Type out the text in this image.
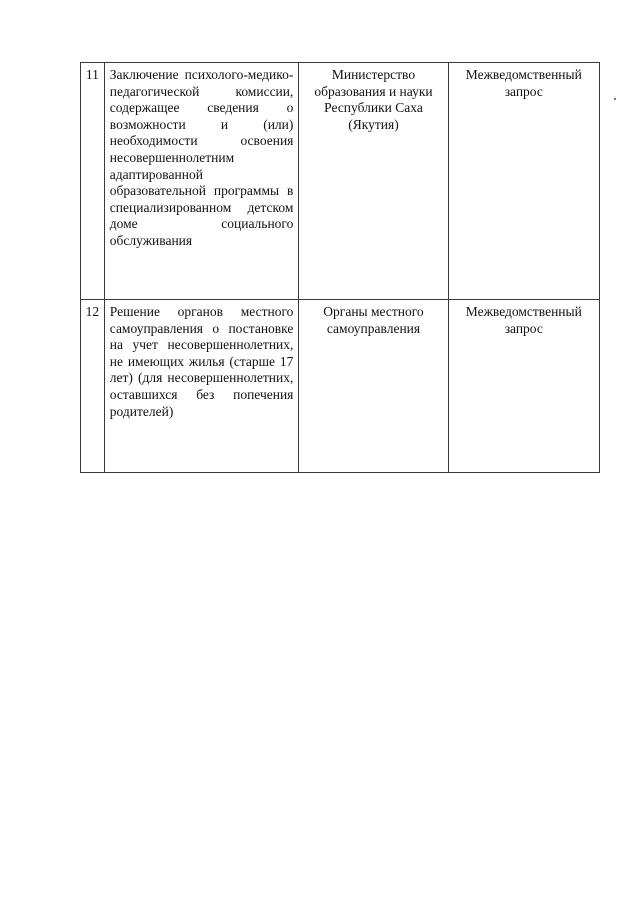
11	Заключение психолого-медико-педагогической комиссии, содержащее сведения о возможности и (или) необходимости освоения несовершеннолетним адаптированной образовательной программы в специализированном детском доме социального обслуживания	Министерство образования и науки Республики Саха (Якутия)	Межведомственный запрос
12	Решение органов местного самоуправления о постановке на учет несовершеннолетних, не имеющих жилья (старше 17 лет) (для несовершеннолетних, оставшихся без попечения родителей)	Органы местного самоуправления	Межведомственный запрос
